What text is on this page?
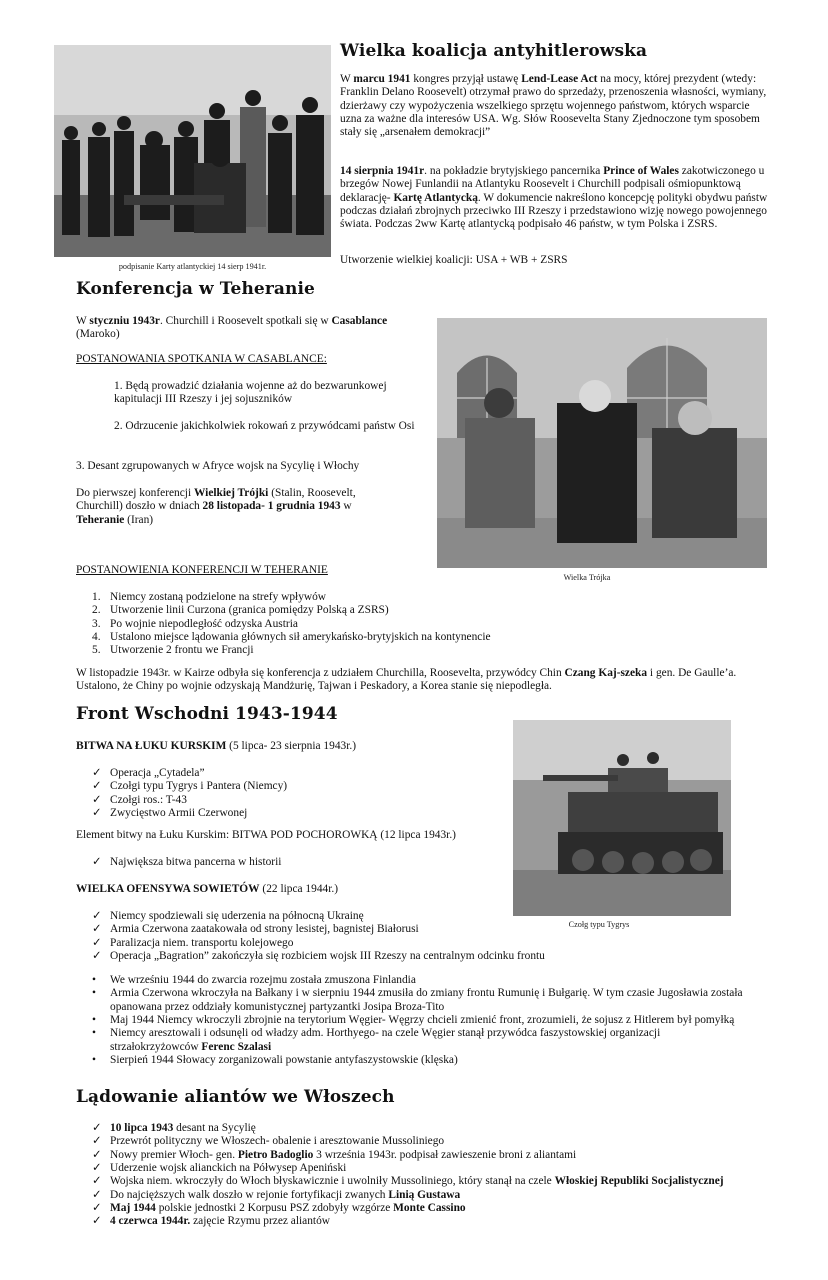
podpisanie Karty atlantyckiej 14 sierp 1941r.
Wielka koalicja antyhitlerowska

W marcu 1941 kongres przyjął ustawę Lend-Lease Act na mocy, której prezydent (wtedy: Franklin Delano Roosevelt) otrzymał prawo do sprzedaży, przenoszenia własności, wymiany, dzierżawy czy wypożyczenia wszelkiego sprzętu wojennego państwom, których wsparcie uzna za ważne dla interesów USA. Wg. Słów Roosevelta Stany Zjednoczone tym sposobem stały się „arsenałem demokracji”

14 sierpnia 1941r. na pokładzie brytyjskiego pancernika Prince of Wales zakotwiczonego u brzegów Nowej Funlandii na Atlantyku Roosevelt i Churchill podpisali ośmiopunktową deklarację- Kartę Atlantycką. W dokumencie nakreślono koncepcję polityki obydwu państw podczas działań zbrojnych przeciwko III Rzeszy i przedstawiono wizję nowego powojennego świata. Podczas 2ww Kartę atlantycką podpisało 46 państw, w tym Polska i ZSRS.

Utworzenie wielkiej koalicji: USA + WB + ZSRS

Konferencja w Teheranie

W styczniu 1943r. Churchill i Roosevelt spotkali się w Casablance (Maroko)

POSTANOWANIA SPOTKANIA W CASABLANCE:

1. Będą prowadzić działania wojenne aż do bezwarunkowej kapitulacji III Rzeszy i jej sojuszników

2. Odrzucenie jakichkolwiek rokowań z przywódcami państw Osi

3. Desant zgrupowanych w Afryce wojsk na Sycylię i Włochy

Do pierwszej konferencji Wielkiej Trójki (Stalin, Roosevelt, Churchill) doszło w dniach 28 listopada- 1 grudnia 1943 w Teheranie (Iran)

Wielka Trójka

POSTANOWIENIA KONFERENCJI W TEHERANIE

1. Niemcy zostaną podzielone na strefy wpływów
2. Utworzenie linii Curzona (granica pomiędzy Polską a ZSRS)
3. Po wojnie niepodległość odzyska Austria
4. Ustalono miejsce lądowania głównych sił amerykańsko-brytyjskich na kontynencie
5. Utworzenie 2 frontu we Francji

W listopadzie 1943r. w Kairze odbyła się konferencja z udziałem Churchilla, Roosevelta, przywódcy Chin Czang Kaj-szeka i gen. De Gaulle’a. Ustalono, że Chiny po wojnie odzyskają Mandżurię, Tajwan i Peskadory, a Korea stanie się niepodległa.

Front Wschodni 1943-1944

BITWA NA ŁUKU KURSKIM (5 lipca- 23 sierpnia 1943r.)

✓ Operacja „Cytadela”
✓ Czołgi typu Tygrys i Pantera (Niemcy)
✓ Czołgi ros.: T-43
✓ Zwycięstwo Armii Czerwonej

Element bitwy na Łuku Kurskim: BITWA POD POCHOROWKĄ (12 lipca 1943r.)

✓ Największa bitwa pancerna w historii

WIELKA OFENSYWA SOWIETÓW (22 lipca 1944r.)

✓ Niemcy spodziewali się uderzenia na północną Ukrainę
✓ Armia Czerwona zaatakowała od strony lesistej, bagnistej Białorusi
✓ Paralizacja niem. transportu kolejowego
✓ Operacja „Bagration” zakończyła się rozbiciem wojsk III Rzeszy na centralnym odcinku frontu
Czołg typu Tygrys
• We wrześniu 1944 do zwarcia rozejmu została zmuszona Finlandia
• Armia Czerwona wkroczyła na Bałkany i w sierpniu 1944 zmusiła do zmiany frontu Rumunię i Bułgarię. W tym czasie Jugosławia została opanowana przez oddziały komunistycznej partyzantki Josipa Broza-Tito
• Maj 1944 Niemcy wkroczyli zbrojnie na terytorium Węgier- Węgrzy chcieli zmienić front, zrozumieli, że sojusz z Hitlerem był pomyłką
• Niemcy aresztowali i odsunęli od władzy adm. Horthyego- na czele Węgier stanął przywódca faszystowskiej organizacji strzałokrzyżowców Ferenc Szalasi
• Sierpień 1944 Słowacy zorganizowali powstanie antyfaszystowskie (klęska)
Lądowanie aliantów we Włoszech
✓ 10 lipca 1943 desant na Sycylię
✓ Przewrót polityczny we Włoszech- obalenie i aresztowanie Mussoliniego
✓ Nowy premier Włoch- gen. Pietro Badoglio 3 września 1943r. podpisał zawieszenie broni z aliantami
✓ Uderzenie wojsk alianckich na Półwysep Apeniński
✓ Wojska niem. wkroczyły do Włoch błyskawicznie i uwolniły Mussoliniego, który stanął na czele Włoskiej Republiki Socjalistycznej
✓ Do najcięższych walk doszło w rejonie fortyfikacji zwanych Linią Gustawa
✓ Maj 1944 polskie jednostki 2 Korpusu PSZ zdobyły wzgórze Monte Cassino
✓ 4 czerwca 1944r. zajęcie Rzymu przez aliantów
